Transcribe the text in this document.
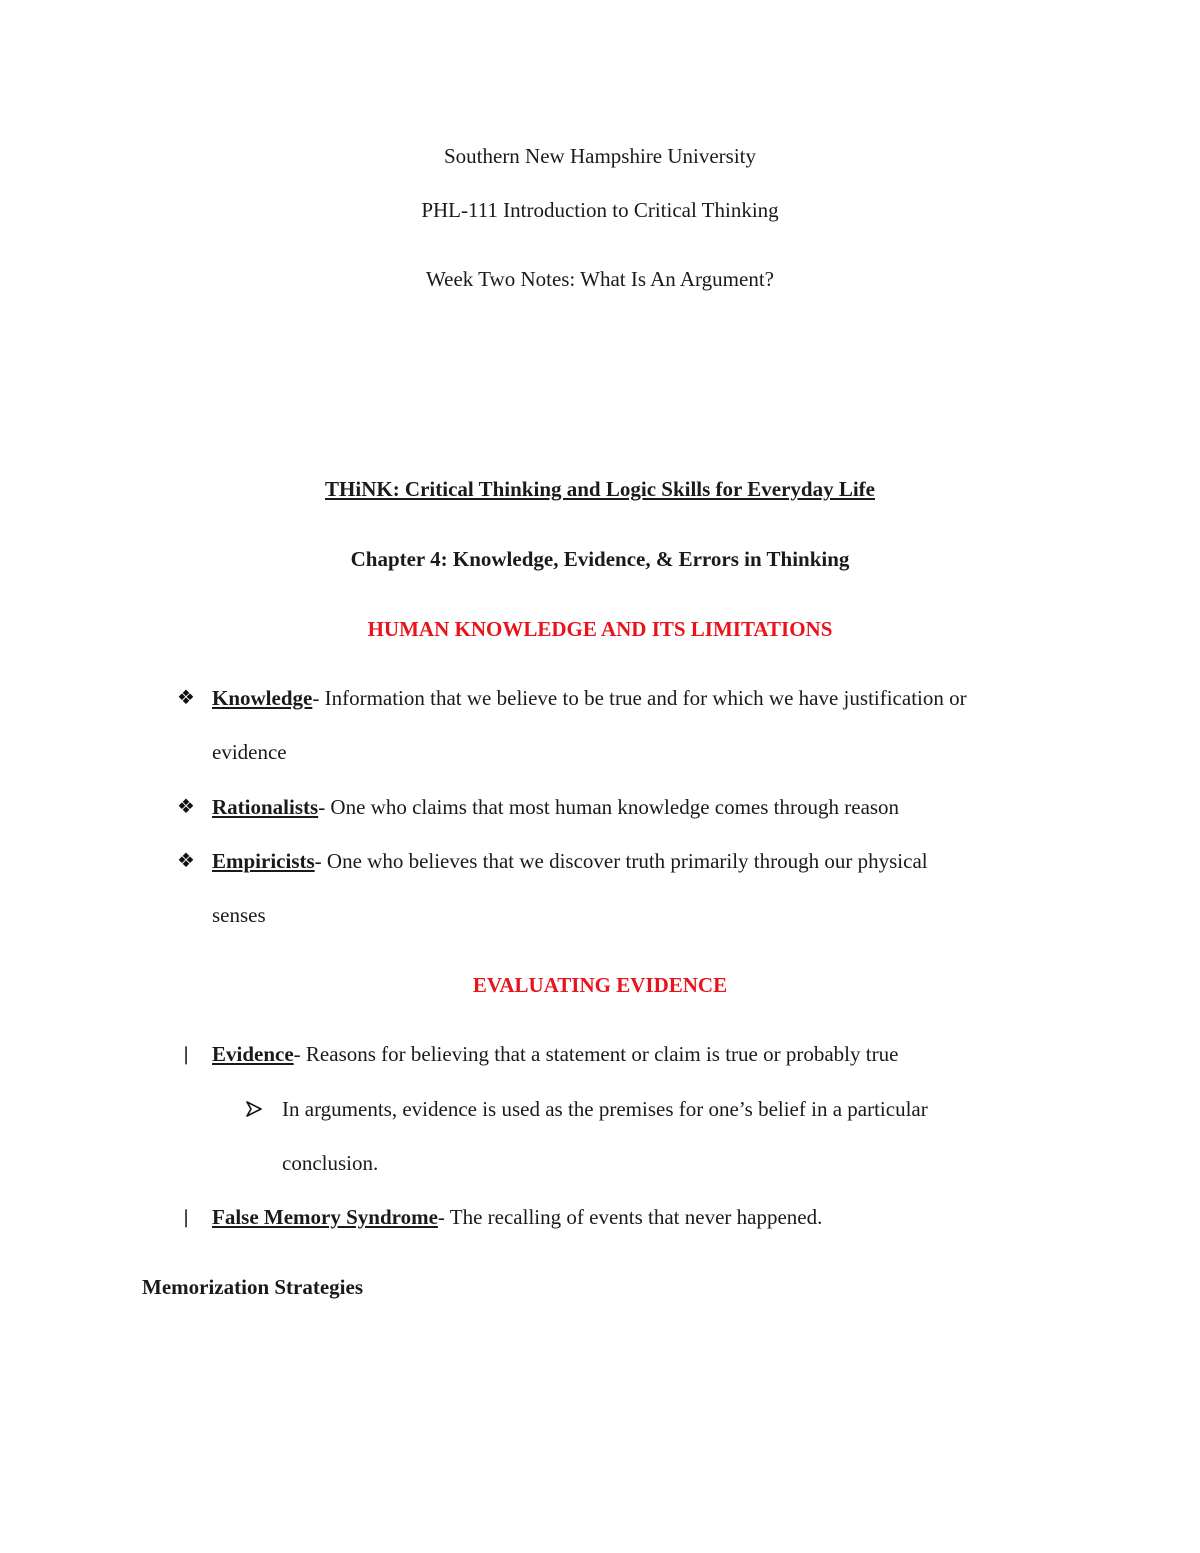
Southern New Hampshire University
PHL-111 Introduction to Critical Thinking
Week Two Notes: What Is An Argument?
THiNK: Critical Thinking and Logic Skills for Everyday Life
Chapter 4: Knowledge, Evidence, & Errors in Thinking
HUMAN KNOWLEDGE AND ITS LIMITATIONS
❖ Knowledge- Information that we believe to be true and for which we have justification or
evidence
❖ Rationalists- One who claims that most human knowledge comes through reason
❖ Empiricists- One who believes that we discover truth primarily through our physical
senses
EVALUATING EVIDENCE
❘ Evidence- Reasons for believing that a statement or claim is true or probably true
In arguments, evidence is used as the premises for one’s belief in a particular
conclusion.
❘ False Memory Syndrome- The recalling of events that never happened.
Memorization Strategies
